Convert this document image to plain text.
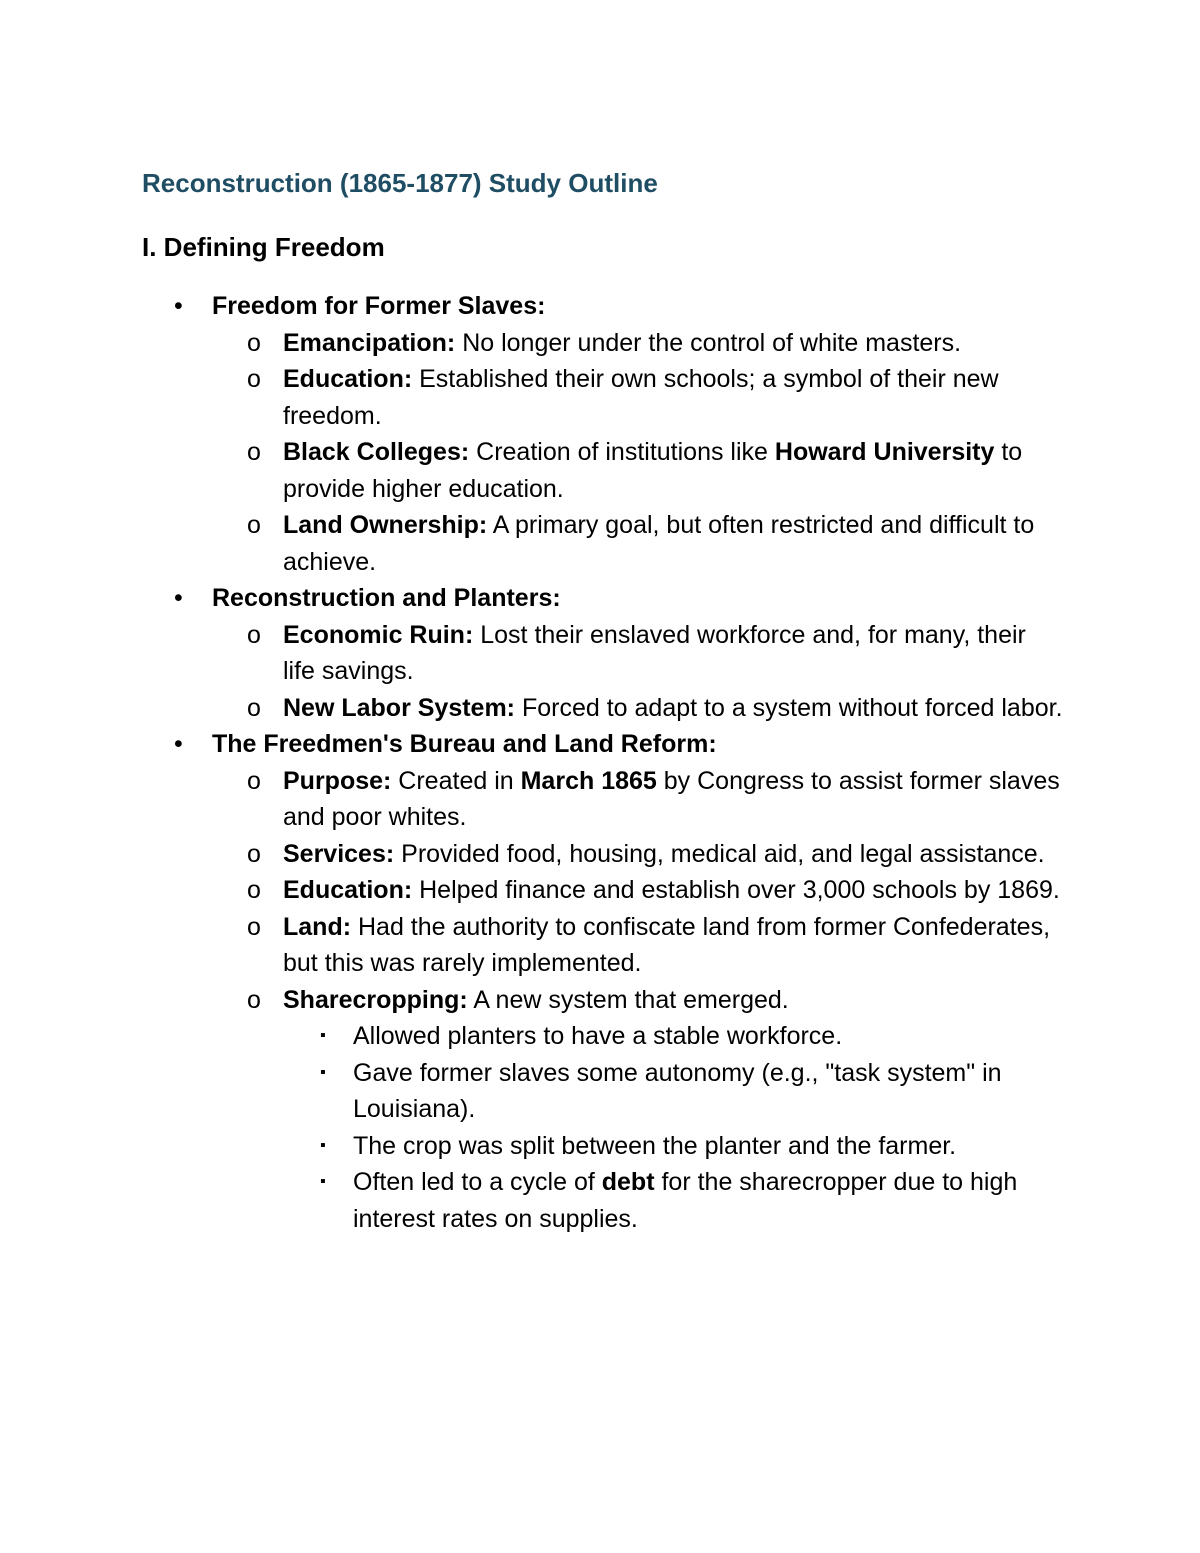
Reconstruction (1865-1877) Study Outline
I. Defining Freedom
• Freedom for Former Slaves:
o Emancipation: No longer under the control of white masters.
o Education: Established their own schools; a symbol of their new freedom.
o Black Colleges: Creation of institutions like Howard University to provide higher education.
o Land Ownership: A primary goal, but often restricted and difficult to achieve.
• Reconstruction and Planters:
o Economic Ruin: Lost their enslaved workforce and, for many, their life savings.
o New Labor System: Forced to adapt to a system without forced labor.
• The Freedmen's Bureau and Land Reform:
o Purpose: Created in March 1865 by Congress to assist former slaves and poor whites.
o Services: Provided food, housing, medical aid, and legal assistance.
o Education: Helped finance and establish over 3,000 schools by 1869.
o Land: Had the authority to confiscate land from former Confederates, but this was rarely implemented.
o Sharecropping: A new system that emerged.
▪ Allowed planters to have a stable workforce.
▪ Gave former slaves some autonomy (e.g., "task system" in Louisiana).
▪ The crop was split between the planter and the farmer.
▪ Often led to a cycle of debt for the sharecropper due to high interest rates on supplies.
